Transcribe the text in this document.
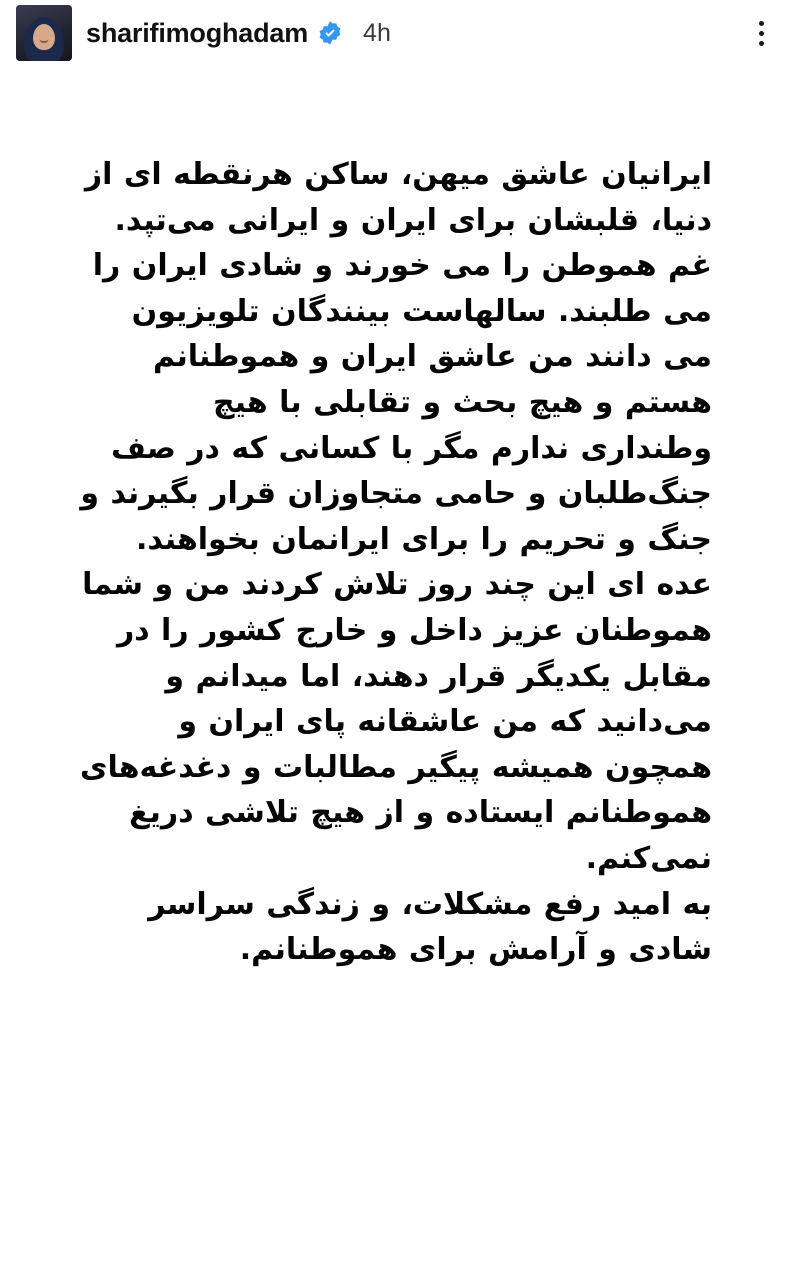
sharifimoghadam 4h

ایرانیان عاشق میهن، ساکن هرنقطه ای از دنیا، قلبشان برای ایران و ایرانی می‌تپد.

غم هموطن را می خورند و شادی ایران را می طلبند. سالهاست بینندگان تلویزیون می دانند من عاشق ایران و هموطنانم هستم و هیچ بحث و تقابلی با هیچ وطنداری ندارم مگر با کسانی که در صف جنگ‌طلبان و حامی متجاوزان قرار بگیرند و جنگ و تحریم را برای ایرانمان بخواهند.

عده ای این چند روز تلاش کردند من و شما هموطنان عزیز داخل و خارج کشور را در مقابل یکدیگر قرار دهند، اما میدانم و می‌دانید که من عاشقانه پای ایران و همچون همیشه پیگیر مطالبات و دغدغه‌های هموطنانم ایستاده و از هیچ تلاشی دریغ نمی‌کنم.

به امید رفع مشکلات، و زندگی سراسر شادی و آرامش برای هموطنانم.
